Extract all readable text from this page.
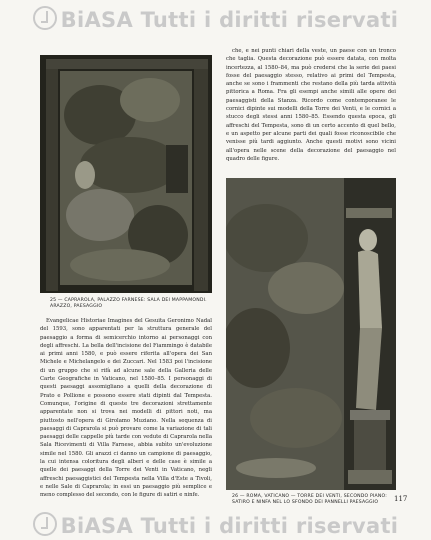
BiASA Tutti i diritti riservati
25 — CAPRAROLA, PALAZZO FARNESE: SALA DEI MAPPAMONDI. ARAZZO, PAESAGGIO
26 — ROMA, VATICANO — TORRE DEI VENTI, SECONDO PIANO: SATIRO E NINFA NEL LO SFONDO DEI PANNELLI PAESAGGIO

che, e nei punti chiari della veste, un paese con un tronco che taglia. Questa decorazione può essere datata, con molta incertezza, al 1580–84, ma può credersi che la serie dei paesi fosse del paesaggio stesso, relativo ai primi del Tempesta, anche se sono i frammenti che restano della più tarda attività pittorica a Roma. Fra gli esempi anche simili alle opere dei paesaggisti della Stanza. Ricordo come contemporanee le cornici dipinte sui modelli della Torre dei Venti, e le cornici a stucco degli stessi anni 1580–85. Essendo questa epoca, gli affreschi del Tempesta, sono di un certo accento di quel bello, e un aspetto per alcune parti dei quali fosse riconoscibile che venisse più tardi aggiunto. Anche questi motivi sono vicini all'opera nelle scene della decorazione del paesaggio nel quadro delle figure.

Evangelicae Historiae Imagines del Gesuita Geronimo Nadal del 1593, sono apparentati per la struttura generale del paesaggio a forma di semicerchio intorno ai personaggi con degli affreschi. La bella dell'incisione del Fiammingo è databile ai primi anni 1580, e può essere riferita all'opera dei San Michele e Michelangelo e dei Zuccari. Nel 1583 poi l'incisione di un gruppo che si rifà ad alcune sale della Galleria delle Carte Geografiche in Vaticano, nel 1580–85. I personaggi di questi paesaggi assomigliano a quelli della decorazione di Prato e Pollione e possono essere stati dipinti dal Tempesta. Comunque, l'origine di queste tre decorazioni strettamente apparentate non si trova nei modelli di pittori noti, ma piuttosto nell'opera di Girolamo Muziano. Nella sequenza di paesaggi di Caprarola si può provare come la variazione di tali paesaggi delle cappelle più tarde con vedute di Caprarola nella Sala Ricevimenti di Villa Farnese, abbia subìto un'evoluzione simile nel 1580. Gli arazzi ci danno un campione di paesaggio, la cui intensa coloritura degli alberi e delle case è simile a quelle dei paesaggi della Torre dei Venti in Vaticano, negli affreschi paesaggistici del Tempesta nella Villa d'Este a Tivoli, e nelle Sale di Caprarola; in essi un paesaggio più semplice e meno complesso del secondo, con le figure di satiri e ninfe.	117
BiASA Tutti i diritti riservati
